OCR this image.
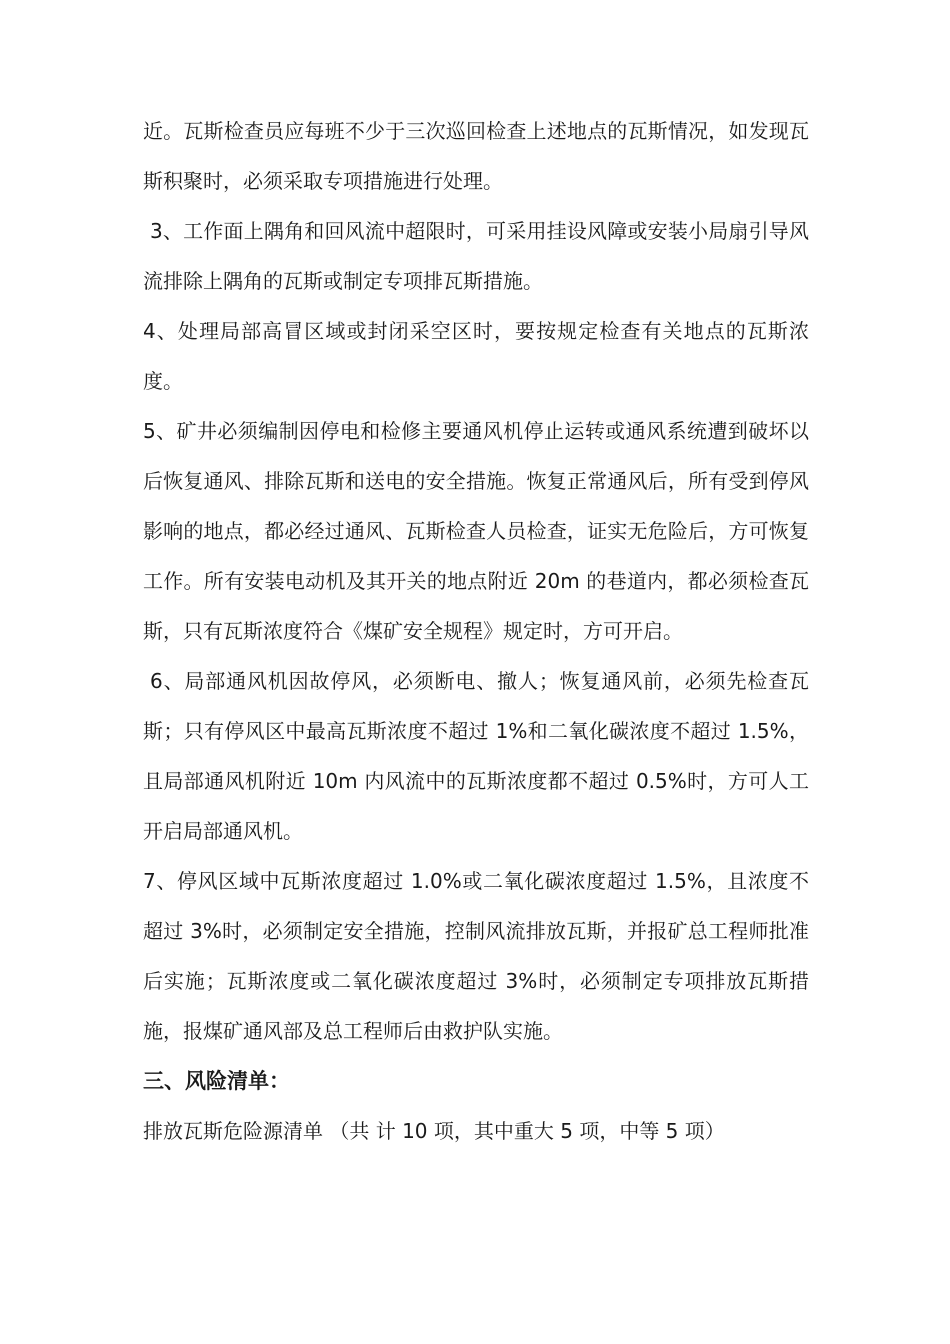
近。瓦斯检查员应每班不少于三次巡回检查上述地点的瓦斯情况，如发现瓦斯积聚时，必须采取专项措施进行处理。

3、工作面上隅角和回风流中超限时，可采用挂设风障或安装小局扇引导风流排除上隅角的瓦斯或制定专项排瓦斯措施。

4、处理局部高冒区域或封闭采空区时，要按规定检查有关地点的瓦斯浓度。

5、矿井必须编制因停电和检修主要通风机停止运转或通风系统遭到破坏以后恢复通风、排除瓦斯和送电的安全措施。恢复正常通风后，所有受到停风影响的地点，都必经过通风、瓦斯检查人员检查，证实无危险后，方可恢复工作。所有安装电动机及其开关的地点附近 20m 的巷道内，都必须检查瓦斯，只有瓦斯浓度符合《煤矿安全规程》规定时，方可开启。

6、局部通风机因故停风，必须断电、撤人；恢复通风前，必须先检查瓦斯；只有停风区中最高瓦斯浓度不超过 1%和二氧化碳浓度不超过 1.5%，且局部通风机附近 10m 内风流中的瓦斯浓度都不超过 0.5%时，方可人工开启局部通风机。

7、停风区域中瓦斯浓度超过 1.0%或二氧化碳浓度超过 1.5%，且浓度不超过 3%时，必须制定安全措施，控制风流排放瓦斯，并报矿总工程师批准后实施；瓦斯浓度或二氧化碳浓度超过 3%时，必须制定专项排放瓦斯措施，报煤矿通风部及总工程师后由救护队实施。

三、风险清单：

排放瓦斯危险源清单 （共 计 10 项，其中重大 5 项，中等 5 项）
